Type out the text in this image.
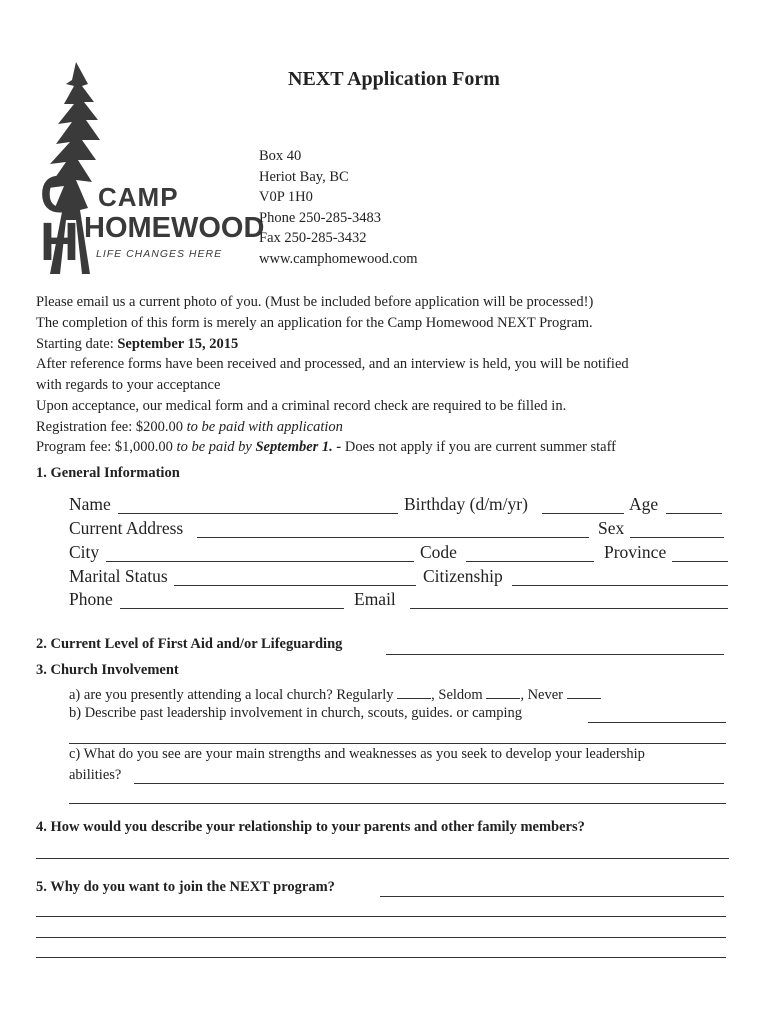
C
H
CAMP
HOMEWOOD
LIFE CHANGES HERE
NEXT Application Form
Box 40
Heriot Bay, BC
V0P 1H0
Phone 250-285-3483
Fax 250-285-3432
www.camphomewood.com
Please email us a current photo of you. (Must be included before application will be processed!)
The completion of this form is merely an application for the Camp Homewood NEXT Program.
Starting date: September 15, 2015
After reference forms have been received and processed, and an interview is held, you will be notified
with regards to your acceptance
Upon acceptance, our medical form and a criminal record check are required to be filled in.
Registration fee: $200.00 to be paid with application
Program fee: $1,000.00 to be paid by September 1. - Does not apply if you are current summer staff
1. General Information
Name	Birthday (d/m/yr)	Age
Current Address	Sex
City	Code	Province
Marital Status	Citizenship
Phone	Email
2. Current Level of First Aid and/or Lifeguarding
3. Church Involvement
a) are you presently attending a local church? Regularly , Seldom , Never
b) Describe past leadership involvement in church, scouts, guides. or camping
c) What do you see are your main strengths and weaknesses as you seek to develop your leadership
abilities?
4. How would you describe your relationship to your parents and other family members?
5. Why do you want to join the NEXT program?
